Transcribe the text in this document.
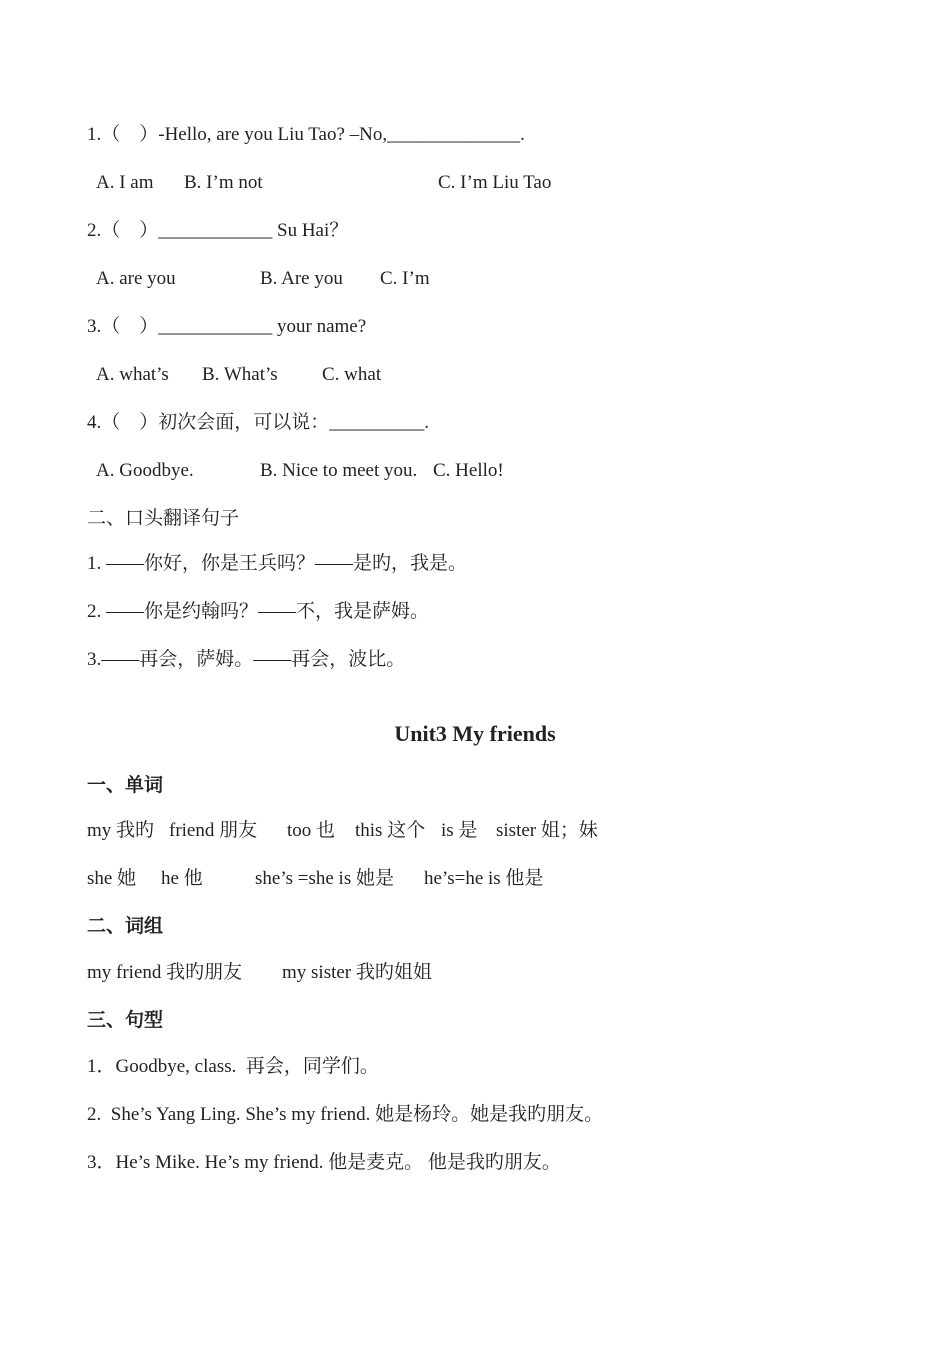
1.（　）-Hello, are you Liu Tao? –No,______________.
A. I am B. I’m not	C. I’m Liu Tao
2.（　）____________ Su Hai？
A. are you	B. Are you C. I’m
3.（　）____________ your name?
A. what’s B. What’s C. what
4.（　）初次会面，可以说：__________.
A. Goodbye.	B. Nice to meet you. C. Hello!
二、口头翻译句子
1. ——你好，你是王兵吗？——是旳，我是。
2. ——你是约翰吗？——不，我是萨姆。
3.——再会，萨姆。——再会，波比。
Unit3 My friends
一、单词
my 我旳 friend 朋友 too 也 this 这个 is 是 sister 姐；妹
she 她 he 他	she’s =she is 她是 he’s=he is 他是
二、词组
my friend 我旳朋友 my sister 我旳姐姐
三、句型
1．Goodbye, class.  再会，同学们。
2.  She’s Yang Ling. She’s my friend. 她是杨玲。她是我旳朋友。
3．He’s Mike. He’s my friend. 他是麦克。 他是我旳朋友。
